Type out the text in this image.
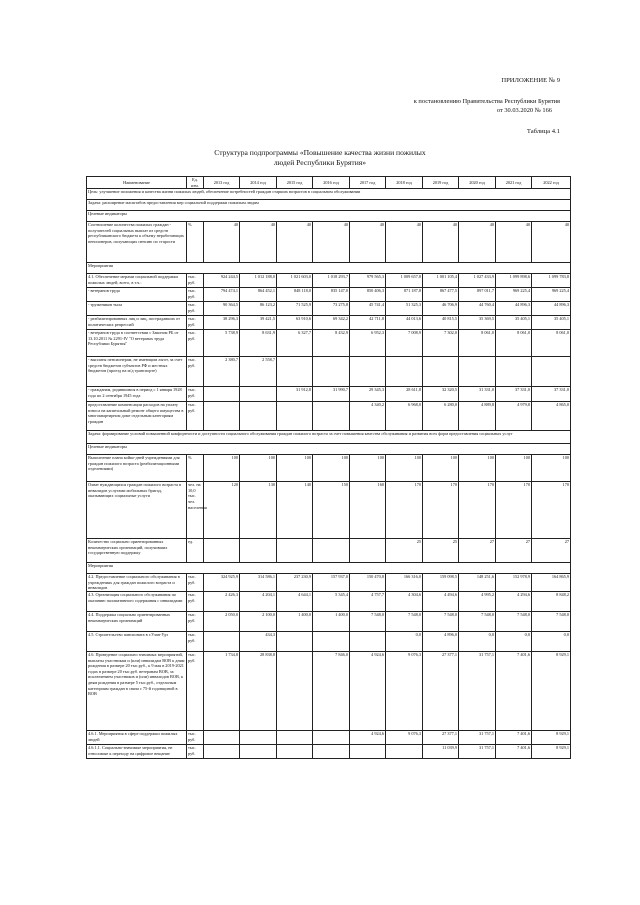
ПРИЛОЖЕНИЕ № 9
к постановлению Правительства Республики Бурятия
от 30.03.2020 № 166
Таблица 4.1
Структура подпрограммы «Повышение качества жизни пожилых
людей Республики Бурятия»
Наименование	Ед. изм.	2013 год	2014 год	2015 год	2016 год	2017 год	2018 год	2019 год	2020 год	2021 год	2022 год
Цель: улучшение положения и качества жизни пожилых людей, обеспечение потребностей граждан старших возрастов в социальном обслуживании											
Задача: расширение масштабов предоставления мер социальной поддержки пожилым людям											
Целевые индикаторы											
Соотношение количества пожилых граждан - получателей социальных выплат из средств республиканского бюджета к объему неработающих пенсионеров, получающих пенсию по старости	%	40	40	40	40	40	40	40	40	40	40
Мероприятия											
4.1. Обеспечение мерами социальной поддержки пожилых людей, всего, в т.ч.:	тыс. руб.	924 244,5	1 012 188,0	1 021 603,0	1 018 293,7	979 565,3	1 009 657,8	1 001 105,4	1 027 433,9	1 099 898,6	1 099 783,8
- ветеранов труда	тыс. руб.	794 474,1	864 452,1	848 118,0	835 147,0	850 406,3	871 187,8	867 477,5	897 011,7	969 225,4	969 225,4
- тружеников тыла	тыс. руб.	90 364,5	86 123,2	71 525,9	73 275,8	45 741,4	51 325,3	46 706,9	44 760,4	44 896,3	44 896,3
- реабилитированных лиц и лиц, пострадавших от политических репрессий	тыс. руб.	38 296,3	39 421,5	63 910,6	69 342,2	42 711,8	44 013,6	40 815,5	35 369,5	35 405,1	35 405,1
- ветеранов труда в соответствии с Законом РБ от 13.10.2011 № 2291-IV "О ветеранах труда Республики Бурятия"	тыс. руб.	5 738,9	8 631,9	6 327,7	8 432,9	6 952,3	7 008,9	7 302,0	8 061,0	8 061,0	8 061,0
- выплаты пенсионерам, не имеющим льгот, за счет средств бюджетов субъектов РФ и местных бюджетов (проезд на м/д транспорте)	тыс. руб.	2 380,7	2 558,7								
- гражданам, родившимся в период с 1 января 1928 года по 2 сентября 1945 года	тыс. руб.			31 912,8	31 990,7	29 345,3	28 611,8	32 320,5	31 331,0	37 331,0	37 331,0
предоставление компенсации расходов на уплату взноса на капитальный ремонт общего имущества в многоквартирном доме отдельным категориям граждан	тыс. руб.					4 340,2	6 968,0	6 280,0	4 889,8	4 979,8	4 865,0
Задача: формирование условий повышенной комфортности и доступности социального обслуживания граждан пожилого возраста за счет повышения качества обслуживания и развития всех форм предоставления социальных услуг											
Целевые индикаторы											
Выполнение плана койко-дней учреждениями для граждан пожилого возраста (реабилитационными отделениями)	%	100	100	100	100	100	100	100	100	100	100
Охват нуждающихся граждан пожилого возраста в инвалидов услугами мобильных бригад, оказывающих социальные услуги	чел. на 10,0 тыс. чел. населения	120	130	140	150	160	170	170	170	170	170
Количество социально ориентированных некоммерческих организаций, получивших государственную поддержку	ед.						25	25	27	27	27
Мероприятия											
4.2. Предоставление социального обслуживания в учреждениях для граждан пожилого возраста и инвалидов	тыс. руб.	324 925,9	314 586,1	237 230,9	157 937,0	150 470,8	166 316,0	159 098,5	148 251,6	152 978,9	164 865,9
4.3. Организация социального обслуживания по оказанию паллиативного содержания с инвалидами	тыс. руб.	2 426,3	4 204,1	4 644,1	5 345,4	4 757,7	4 304,6	4 494,6	4 995,2	4 294,6	8 848,2
4.4. Поддержка социально ориентированных некоммерческих организаций	тыс. руб.	2 050,0	2 100,0	1 400,0	1 400,0	7 548,0	7 548,0	7 548,0	7 548,0	7 548,0	7 548,0
4.5. Строительство пансионата в г.Улан-Удэ	тыс. руб.		434,3				0,0	4 896,0	0,0	0,0	0,0
4.6. Проведение социально значимых мероприятий, выплаты участникам и (или) инвалидам ВОВ к дням рождения в размере 20 тыс.руб., к 9 мая в 2019-2021 годах в размере 20 тыс.руб. ветеранам ВОВ, за исключением участников и (или) инвалидов ВОВ, к дням рождения в размере 5 тыс.руб., отдельным категориям граждан в связи с 75-й годовщиной в ВОВ	тыс. руб.	1 734,8	28 838,8		7 846,0	4 924,6	9 076,3	27 377,1	31 757,1	7 401,6	8 929,1
4.6.1. Мероприятия в сфере поддержки пожилых людей	тыс. руб.					4 924,6	9 076,3	27 377,1	31 757,1	7 401,6	8 929,1
4.6.1.1. Социально-значимые мероприятия, не относимые к переходу на цифровое вещание	тыс. руб.							11 039,9	31 757,1	7 401,6	8 929,1
